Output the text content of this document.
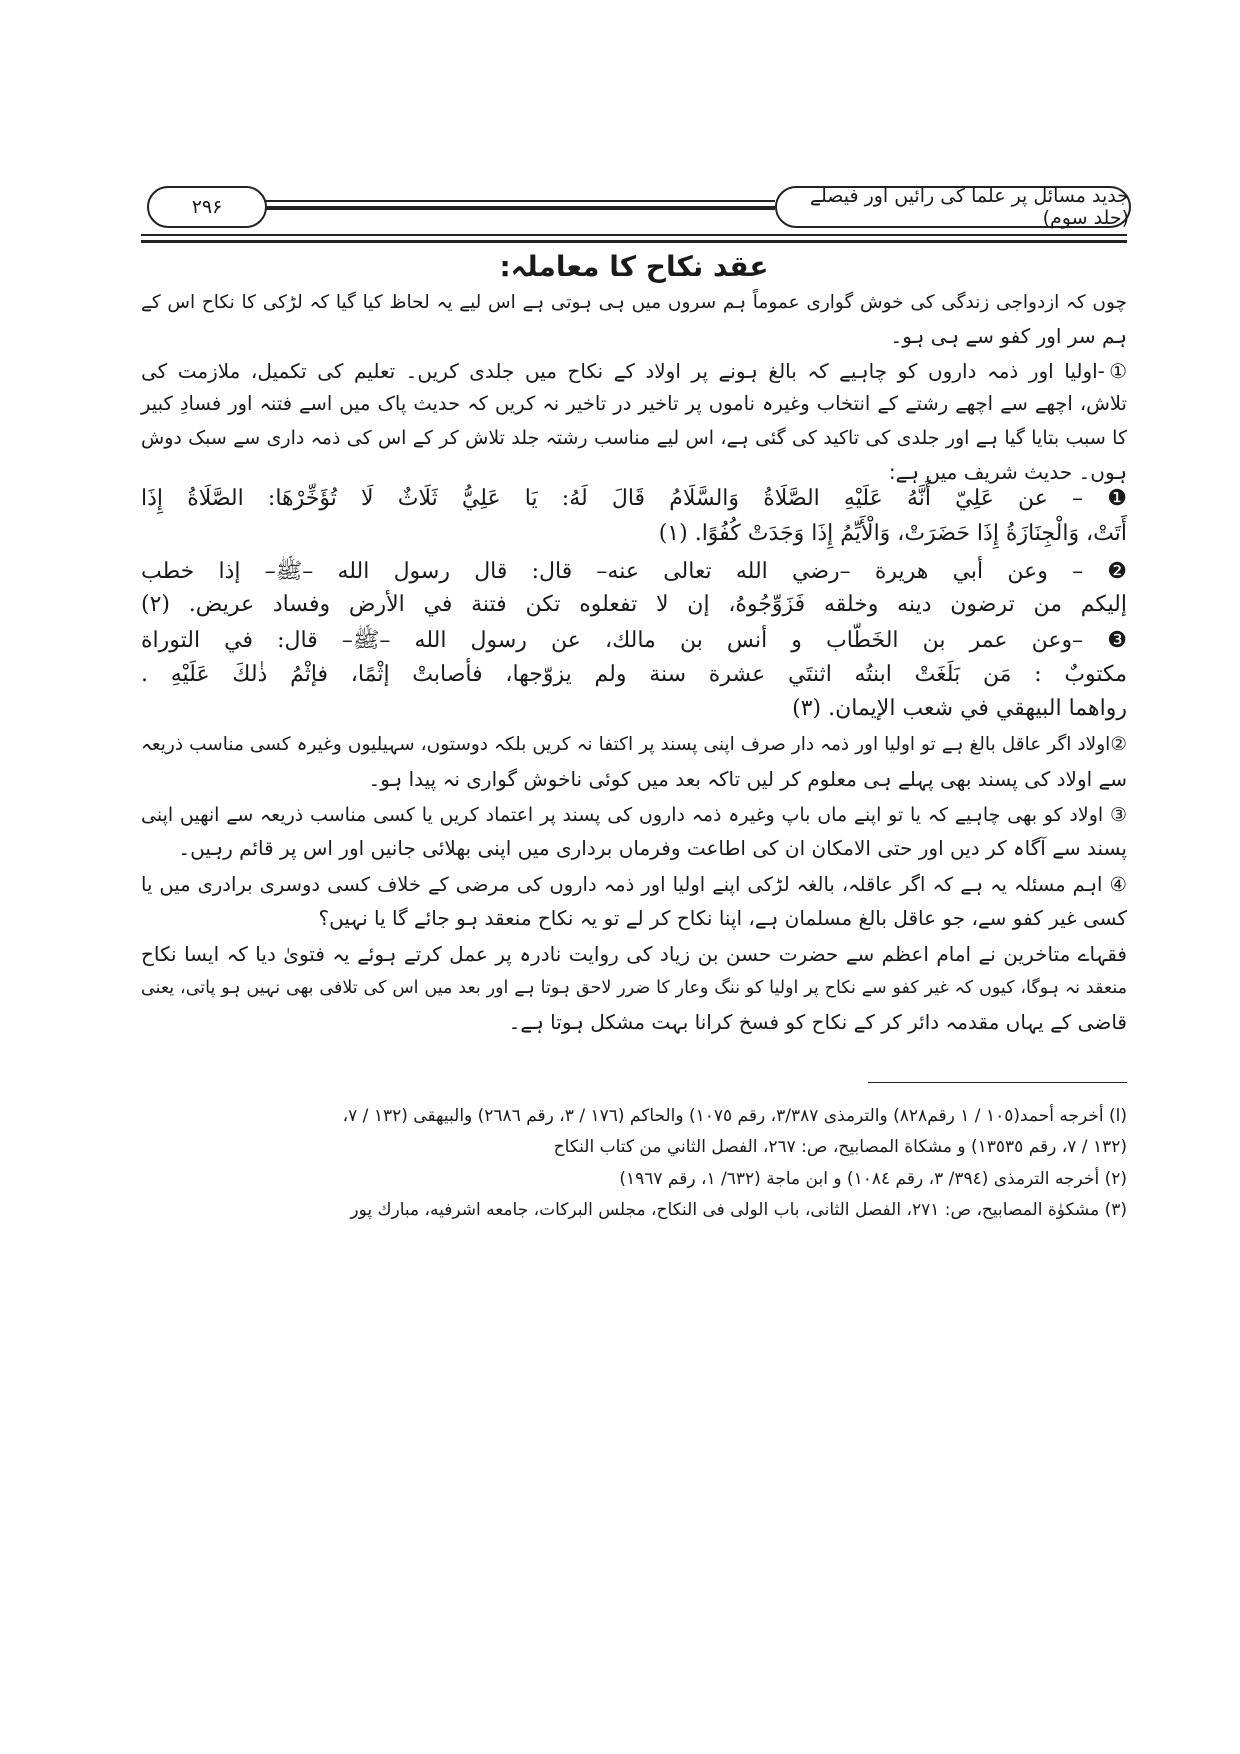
۲۹۶	جدید مسائل پر علما کی رائیں اور فیصلے (جلد سوم)
عقد نکاح کا معاملہ:
چوں کہ ازدواجی زندگی کی خوش گواری عموماً ہم سروں میں ہی ہوتی ہے اس لیے یہ لحاظ کیا گیا کہ لڑکی کا نکاح اس کے
ہم سر اور کفو سے ہی ہو۔
①-اولیا اور ذمہ داروں کو چاہیے کہ بالغ ہونے پر اولاد کے نکاح میں جلدی کریں۔ تعلیم کی تکمیل، ملازمت کی
تلاش، اچھے سے اچھے رشتے کے انتخاب وغیرہ ناموں پر تاخیر در تاخیر نہ کریں کہ حدیث پاک میں اسے فتنہ اور فسادِ کبیر
کا سبب بتایا گیا ہے اور جلدی کی تاکید کی گئی ہے، اس لیے مناسب رشتہ جلد تلاش کر کے اس کی ذمہ داری سے سبک دوش
ہوں۔ حدیث شریف میں ہے:
❶ – عن عَلِيّ أَنَّهُ عَلَيْهِ الصَّلَاةُ وَالسَّلَامُ قَالَ لَهُ: يَا عَلِيُّ ثَلَاثٌ لَا تُؤَخِّرْهَا: الصَّلَاةُ إِذَا
أَتَتْ، وَالْجِنَازَةُ إِذَا حَضَرَتْ، وَالْأَيِّمُ إِذَا وَجَدَتْ كُفُوًا. (١)
❷ – وعن أبي هريرة –رضي الله تعالى عنه– قال: قال رسول الله –ﷺ– إذا خطب
إليكم من ترضون دينه وخلقه فَزَوِّجُوهُ، إن لا تفعلوه تكن فتنة في الأرض وفساد عريض. (٢)
❸ –وعن عمر بن الخَطّاب و أنس بن مالك، عن رسول الله –ﷺ– قال: في التوراة
مكتوبٌ : مَن بَلَغَتْ ابنتُه اثنتَي عشرة سنة ولم يزوّجها، فأصابتْ إثْمًا، فإثْمُ ذٰلكَ عَلَيْهِ .
رواهما البيهقي في شعب الإيمان. (٣)
②اولاد اگر عاقل بالغ ہے تو اولیا اور ذمہ دار صرف اپنی پسند پر اکتفا نہ کریں بلکہ دوستوں، سہیلیوں وغیرہ کسی مناسب ذریعہ
سے اولاد کی پسند بھی پہلے ہی معلوم کر لیں تاکہ بعد میں کوئی ناخوش گواری نہ پیدا ہو۔
③ اولاد کو بھی چاہیے کہ یا تو اپنے ماں باپ وغیرہ ذمہ داروں کی پسند پر اعتماد کریں یا کسی مناسب ذریعہ سے انھیں اپنی
پسند سے آگاہ کر دیں اور حتی الامکان ان کی اطاعت وفرماں برداری میں اپنی بھلائی جانیں اور اس پر قائم رہیں۔
④ اہم مسئلہ یہ ہے کہ اگر عاقلہ، بالغہ لڑکی اپنے اولیا اور ذمہ داروں کی مرضی کے خلاف کسی دوسری برادری میں یا
کسی غیر کفو سے، جو عاقل بالغ مسلمان ہے، اپنا نکاح کر لے تو یہ نکاح منعقد ہو جائے گا یا نہیں؟
فقہاے متاخرین نے امام اعظم سے حضرت حسن بن زیاد کی روایت نادرہ پر عمل کرتے ہوئے یہ فتویٰ دیا کہ ایسا نکاح
منعقد نہ ہوگا، کیوں کہ غیر کفو سے نکاح پر اولیا کو ننگ وعار کا ضرر لاحق ہوتا ہے اور بعد میں اس کی تلافی بھی نہیں ہو پاتی، یعنی
قاضی کے یہاں مقدمہ دائر کر کے نکاح کو فسخ کرانا بہت مشکل ہوتا ہے۔
(ا) أخرجه أحمد(١٠٥ / ١ رقم٨٢٨) والترمذی ٣/٣٨٧، رقم ١٠٧٥) والحاكم (١٧٦ / ٣، رقم ٢٦٨٦) والبيهقی (١٣٢ / ٧،
(١٣٢ / ٧، رقم ١٣٥٣٥) و مشكاة المصابيح، ص: ٢٦٧، الفصل الثاني من كتاب النكاح
(٢) أخرجه الترمذی (٣٩٤/ ٣، رقم ١٠٨٤) و ابن ماجة (٦٣٢/ ١، رقم ١٩٦٧)
(٣) مشكوٰة المصابيح، ص: ٢٧١، الفصل الثانی، باب الولی فی النكاح، مجلس البركات، جامعه اشرفيه، مبارك پور
